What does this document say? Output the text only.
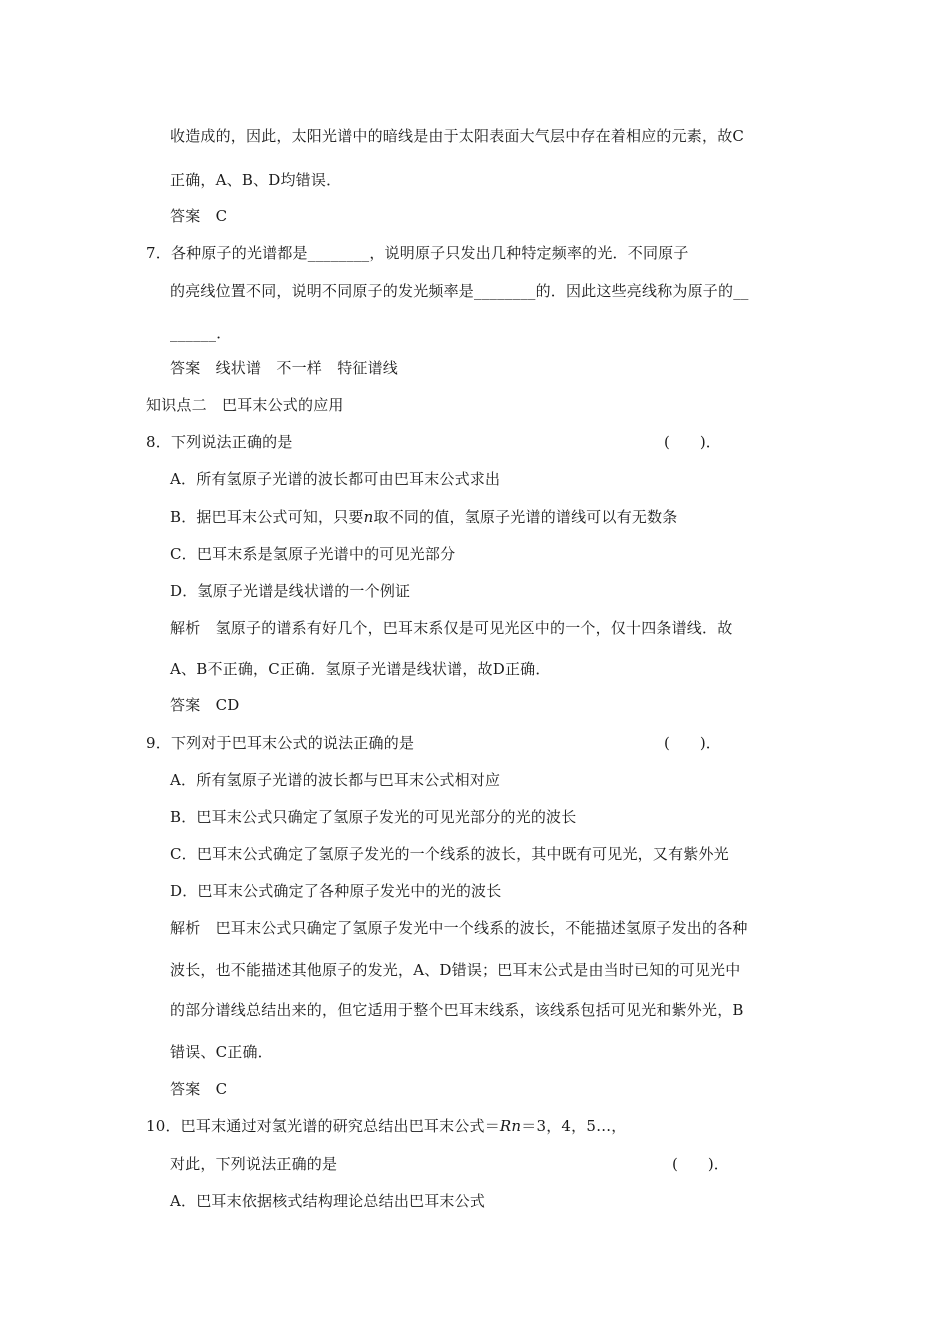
收造成的，因此，太阳光谱中的暗线是由于太阳表面大气层中存在着相应的元素，故C
正确，A、B、D均错误．
答案　C
7．各种原子的光谱都是________，说明原子只发出几种特定频率的光．不同原子
的亮线位置不同，说明不同原子的发光频率是________的．因此这些亮线称为原子的__
______．
答案　线状谱　不一样　特征谱线
知识点二　巴耳末公式的应用
8．下列说法正确的是	(　　)．
A．所有氢原子光谱的波长都可由巴耳末公式求出
B．据巴耳末公式可知，只要n取不同的值，氢原子光谱的谱线可以有无数条
C．巴耳末系是氢原子光谱中的可见光部分
D．氢原子光谱是线状谱的一个例证
解析　氢原子的谱系有好几个，巴耳末系仅是可见光区中的一个，仅十四条谱线．故
A、B不正确，C正确．氢原子光谱是线状谱，故D正确．
答案　CD
9．下列对于巴耳末公式的说法正确的是	(　　)．
A．所有氢原子光谱的波长都与巴耳末公式相对应
B．巴耳末公式只确定了氢原子发光的可见光部分的光的波长
C．巴耳末公式确定了氢原子发光的一个线系的波长，其中既有可见光，又有紫外光
D．巴耳末公式确定了各种原子发光中的光的波长
解析　巴耳末公式只确定了氢原子发光中一个线系的波长，不能描述氢原子发出的各种
波长，也不能描述其他原子的发光，A、D错误；巴耳末公式是由当时已知的可见光中
的部分谱线总结出来的，但它适用于整个巴耳末线系，该线系包括可见光和紫外光，B
错误、C正确．
答案　C
10．巴耳末通过对氢光谱的研究总结出巴耳末公式＝Rn＝3，4，5…，
对此，下列说法正确的是	(　　)．
A．巴耳末依据核式结构理论总结出巴耳末公式
